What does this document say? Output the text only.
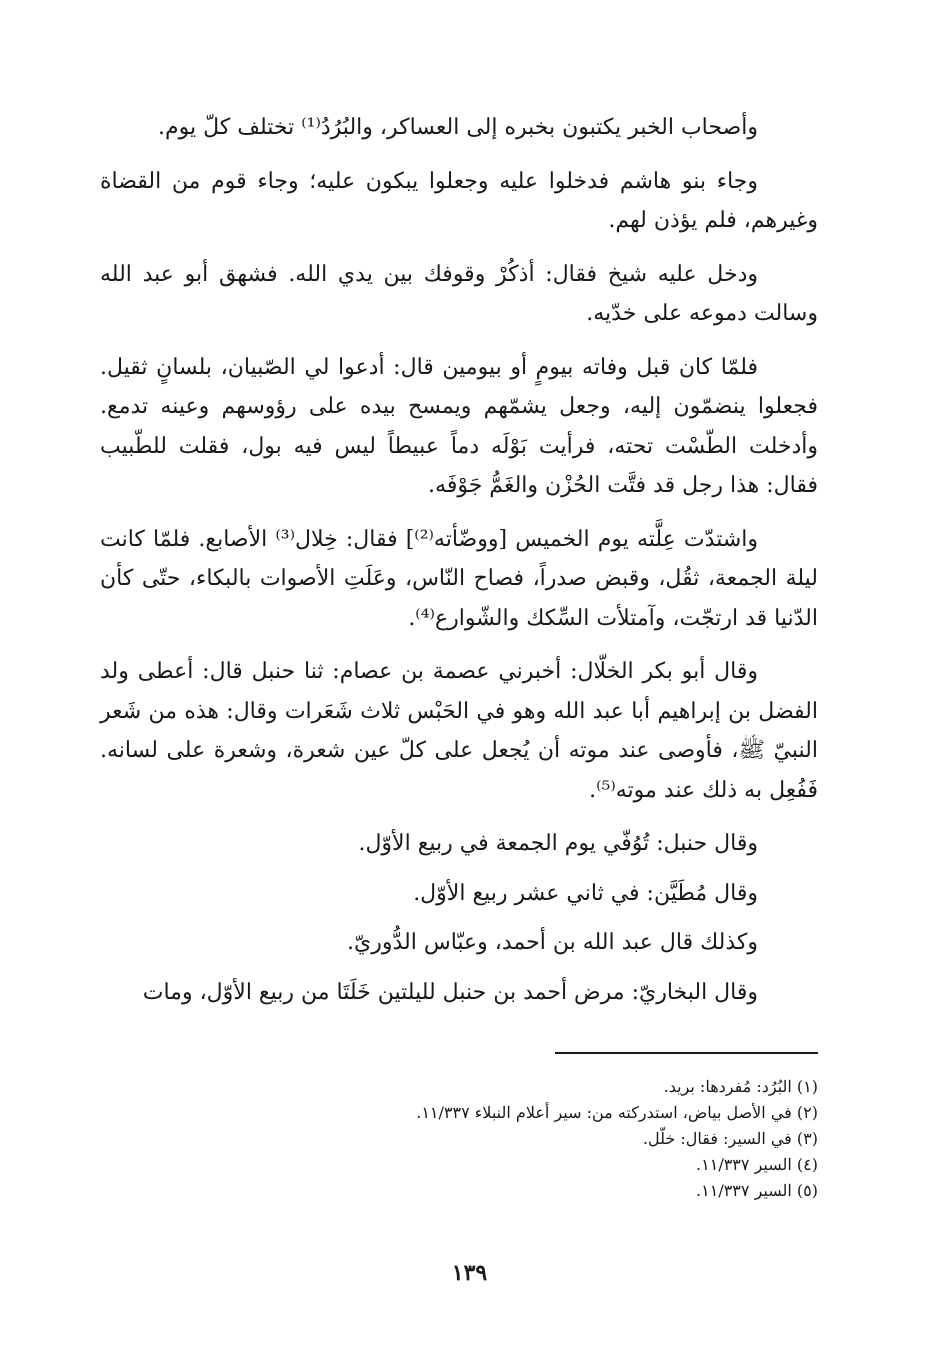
وأصحاب الخبر يكتبون بخبره إلى العساكر، والبُرُدُ⁽¹⁾ تختلف كلّ يوم.

وجاء بنو هاشم فدخلوا عليه وجعلوا يبكون عليه؛ وجاء قوم من القضاة وغيرهم، فلم يؤذن لهم.

ودخل عليه شيخ فقال: أذكُرْ وقوفك بين يدي الله. فشهق أبو عبد الله وسالت دموعه على خدّيه.

فلمّا كان قبل وفاته بيومٍ أو بيومين قال: أدعوا لي الصّبيان، بلسانٍ ثقيل. فجعلوا ينضمّون إليه، وجعل يشمّهم ويمسح بيده على رؤوسهم وعينه تدمع. وأدخلت الطّسْت تحته، فرأيت بَوْلَه دماً عبيطاً ليس فيه بول، فقلت للطّبيب فقال: هذا رجل قد فتَّت الحُزْن والغَمُّ جَوْفَه.

واشتدّت عِلَّته يوم الخميس [ووضّأته⁽²⁾] فقال: خِلال⁽³⁾ الأصابع. فلمّا كانت ليلة الجمعة، ثقُل، وقبض صدراً، فصاح النّاس، وعَلَتِ الأصوات بالبكاء، حتّى كأن الدّنيا قد ارتجّت، وآمتلأت السِّكك والشّوارع⁽⁴⁾.

وقال أبو بكر الخلّال: أخبرني عصمة بن عصام: ثنا حنبل قال: أعطى ولد الفضل بن إبراهيم أبا عبد الله وهو في الحَبْس ثلاث شَعَرات وقال: هذه من شَعر النبيّ ﷺ، فأوصى عند موته أن يُجعل على كلّ عين شعرة، وشعرة على لسانه. فَفُعِل به ذلك عند موته⁽⁵⁾.

وقال حنبل: تُوُفّي يوم الجمعة في ربيع الأوّل.

وقال مُطَيَّن: في ثاني عشر ربيع الأوّل.

وكذلك قال عبد الله بن أحمد، وعبّاس الدُّوريّ.

وقال البخاريّ: مرض أحمد بن حنبل لليلتين خَلَتَا من ربيع الأوّل، ومات

(١) البُرُد: مُفردها: بريد.
(٢) في الأصل بياض، استدركته من: سير أعلام النبلاء ١١/٣٣٧.
(٣) في السير: فقال: خلّل.
(٤) السير ١١/٣٣٧.
(٥) السير ١١/٣٣٧.
١٣٩
